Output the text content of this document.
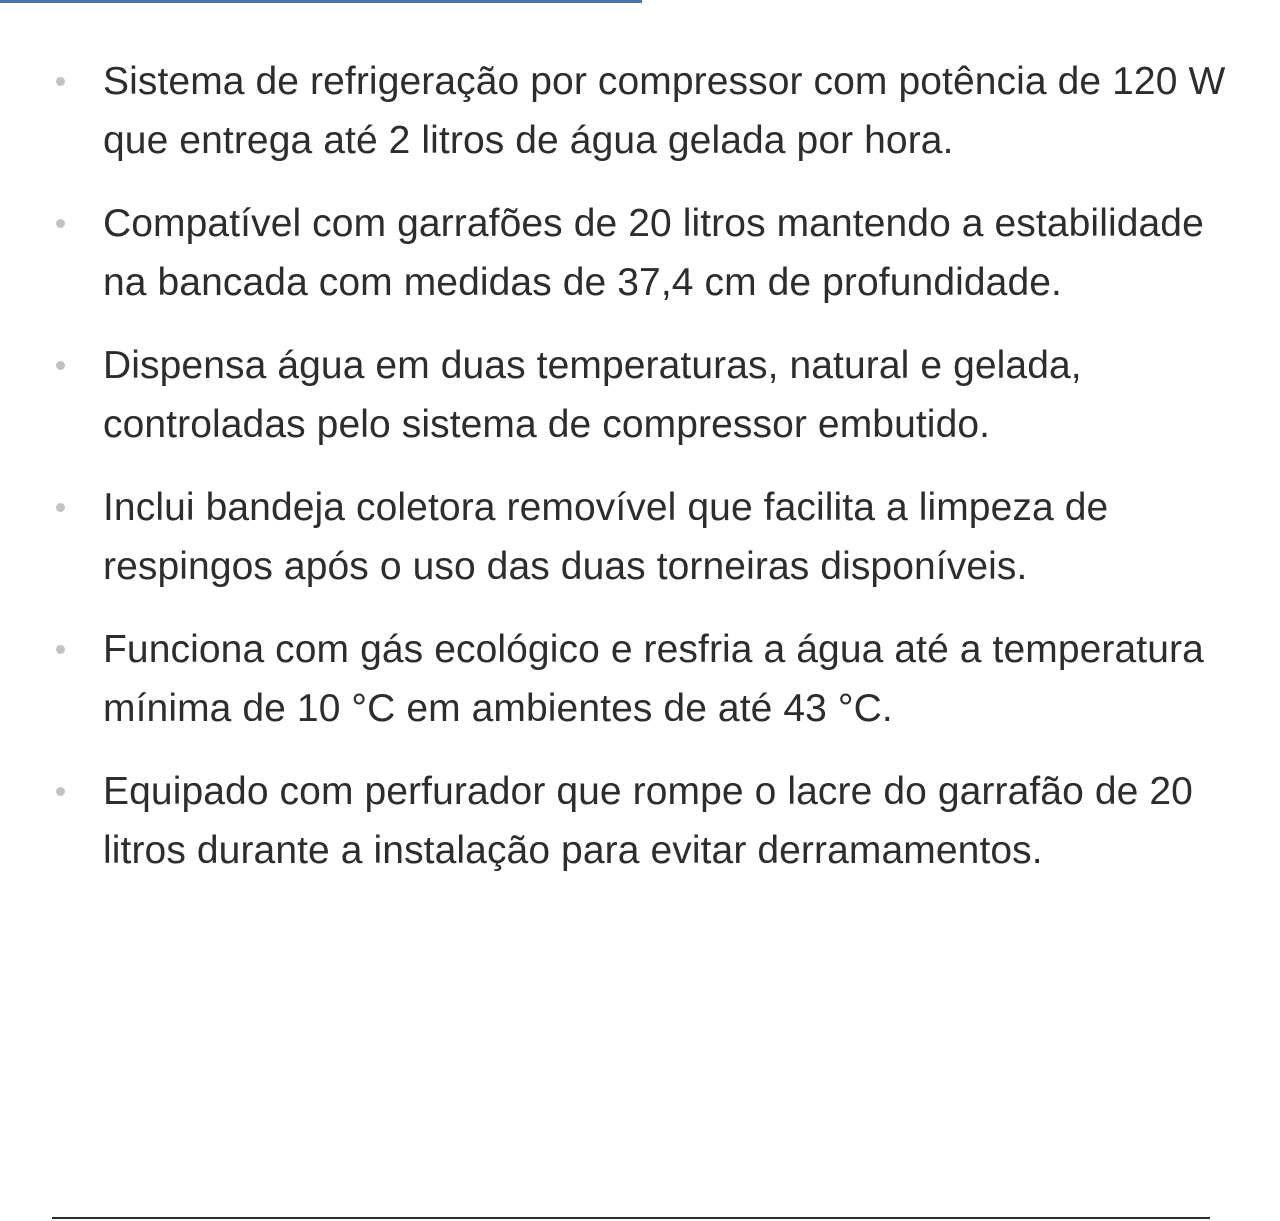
Sistema de refrigeração por compressor com potência de 120 W que entrega até 2 litros de água gelada por hora.
Compatível com garrafões de 20 litros mantendo a estabilidade na bancada com medidas de 37,4 cm de profundidade.
Dispensa água em duas temperaturas, natural e gelada, controladas pelo sistema de compressor embutido.
Inclui bandeja coletora removível que facilita a limpeza de respingos após o uso das duas torneiras disponíveis.
Funciona com gás ecológico e resfria a água até a temperatura mínima de 10 °C em ambientes de até 43 °C.
Equipado com perfurador que rompe o lacre do garrafão de 20 litros durante a instalação para evitar derramamentos.
